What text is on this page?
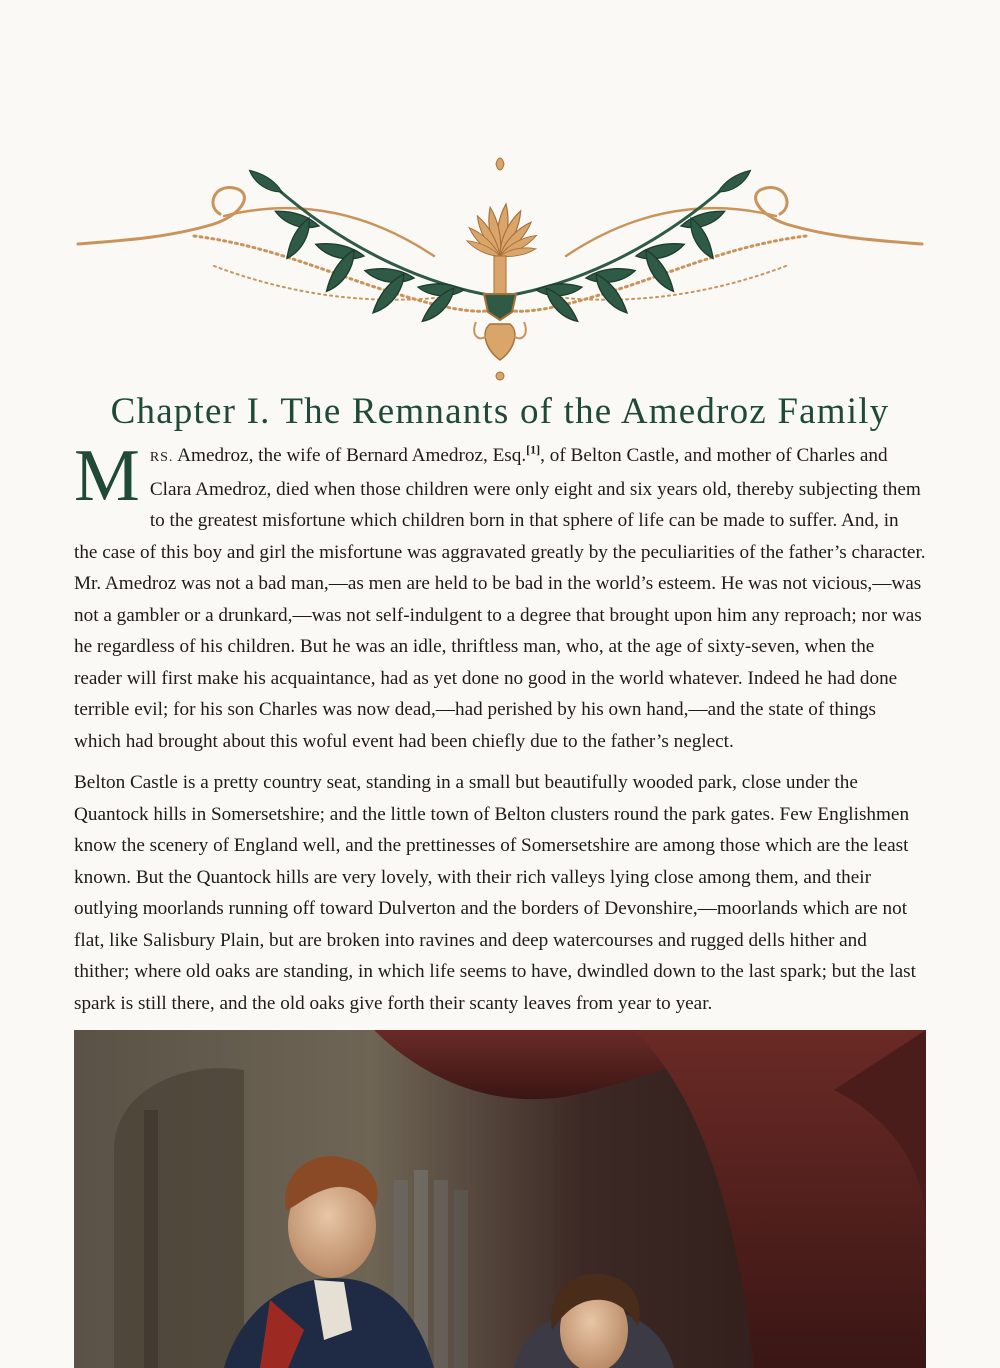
Chapter I. The Remnants of the Amedroz Family

MRS. Amedroz, the wife of Bernard Amedroz, Esq.[1], of Belton Castle, and mother of Charles and Clara Amedroz, died when those children were only eight and six years old, thereby subjecting them to the greatest misfortune which children born in that sphere of life can be made to suffer. And, in the case of this boy and girl the misfortune was aggravated greatly by the peculiarities of the father’s character. Mr. Amedroz was not a bad man,—as men are held to be bad in the world’s esteem. He was not vicious,—was not a gambler or a drunkard,—was not self-indulgent to a degree that brought upon him any reproach; nor was he regardless of his children. But he was an idle, thriftless man, who, at the age of sixty-seven, when the reader will first make his acquaintance, had as yet done no good in the world whatever. Indeed he had done terrible evil; for his son Charles was now dead,—had perished by his own hand,—and the state of things which had brought about this woful event had been chiefly due to the father’s neglect.

Belton Castle is a pretty country seat, standing in a small but beautifully wooded park, close under the Quantock hills in Somersetshire; and the little town of Belton clusters round the park gates. Few Englishmen know the scenery of England well, and the prettinesses of Somersetshire are among those which are the least known. But the Quantock hills are very lovely, with their rich valleys lying close among them, and their outlying moorlands running off toward Dulverton and the borders of Devonshire,—moorlands which are not flat, like Salisbury Plain, but are broken into ravines and deep watercourses and rugged dells hither and thither; where old oaks are standing, in which life seems to have, dwindled down to the last spark; but the last spark is still there, and the old oaks give forth their scanty leaves from year to year.
